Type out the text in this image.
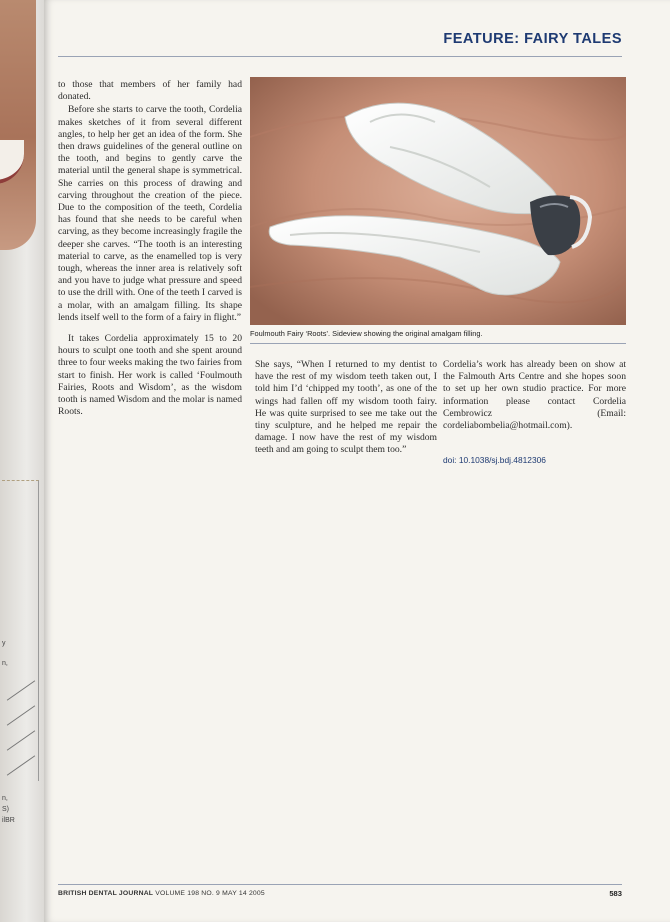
y
n,
n,
S)
ilBR
FEATURE: FAIRY TALES

to those that members of her family had donated.

Before she starts to carve the tooth, Cordelia makes sketches of it from several different angles, to help her get an idea of the form. She then draws guidelines of the general outline on the tooth, and begins to gently carve the material until the general shape is symmetrical. She carries on this process of drawing and carving throughout the creation of the piece. Due to the composition of the teeth, Cordelia has found that she needs to be careful when carving, as they become increasingly fragile the deeper she carves. “The tooth is an interesting material to carve, as the enamelled top is very tough, whereas the inner area is relatively soft and you have to judge what pressure and speed to use the drill with. One of the teeth I carved is a molar, with an amalgam filling. Its shape lends itself well to the form of a fairy in flight.”

It takes Cordelia approximately 15 to 20 hours to sculpt one tooth and she spent around three to four weeks making the two fairies from start to finish. Her work is called ‘Foulmouth Fairies, Roots and Wisdom’, as the wisdom tooth is named Wisdom and the molar is named Roots.

Foulmouth Fairy ‘Roots’. Sideview showing the original amalgam filling.

She says, “When I returned to my dentist to have the rest of my wisdom teeth taken out, I told him I’d ‘chipped my tooth’, as one of the wings had fallen off my wisdom tooth fairy. He was quite surprised to see me take out the tiny sculpture, and he helped me repair the damage. I now have the rest of my wisdom teeth and am going to sculpt them too.”

Cordelia’s work has already been on show at the Falmouth Arts Centre and she hopes soon to set up her own studio practice. For more information please contact Cordelia Cembrowicz (Email: cordeliabombelia@hotmail.com).

doi: 10.1038/sj.bdj.4812306
BRITISH DENTAL JOURNAL VOLUME 198 NO. 9 MAY 14 2005	583
